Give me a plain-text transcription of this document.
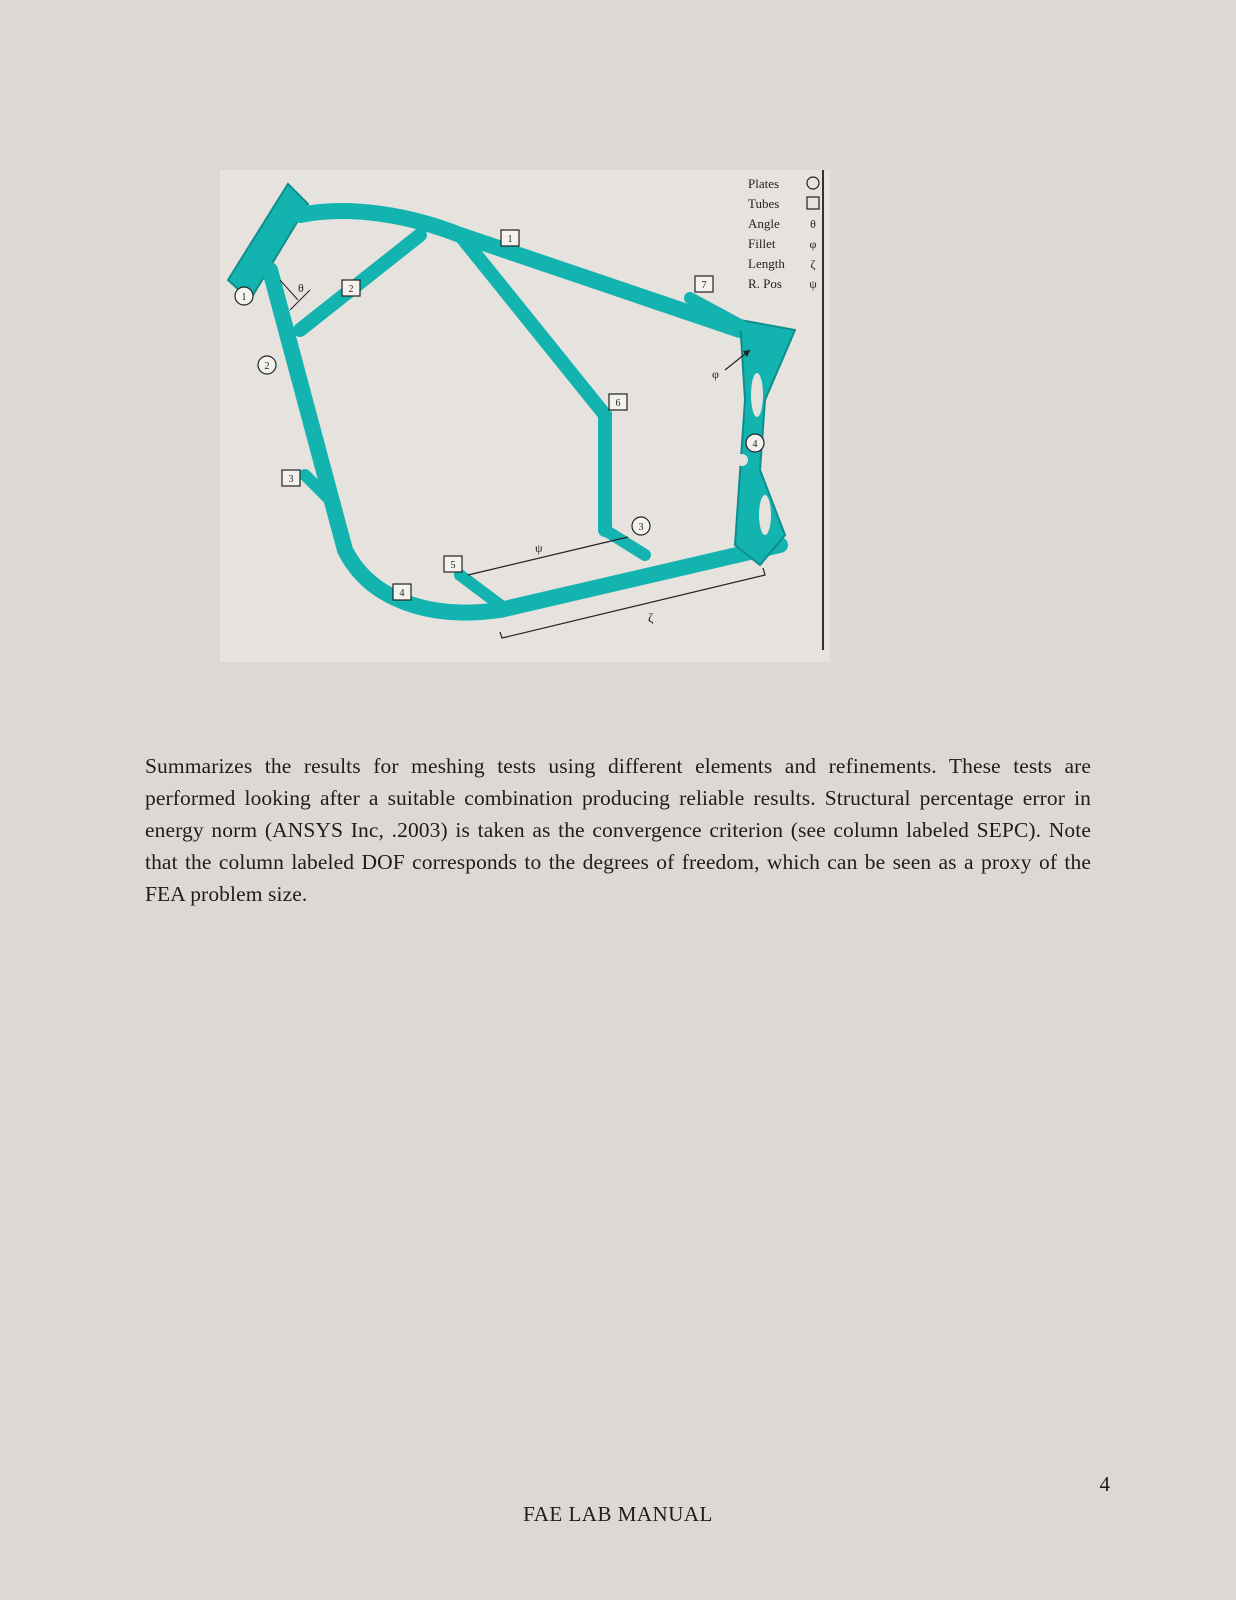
θ
ψ
ζ
φ
1
2
3
4
1
2
3
4
5
6
7
Plates
Tubes
Angle	θ
Fillet	φ
Length ζ
R. Pos ψ

Summarizes the results for meshing tests using different elements and refinements. These tests are performed looking after a suitable combination producing reliable results. Structural percentage error in energy norm (ANSYS Inc, .2003) is taken as the convergence criterion (see column labeled SEPC). Note that the column labeled DOF corresponds to the degrees of freedom, which can be seen as a proxy of the FEA problem size.

4
FAE LAB MANUAL
